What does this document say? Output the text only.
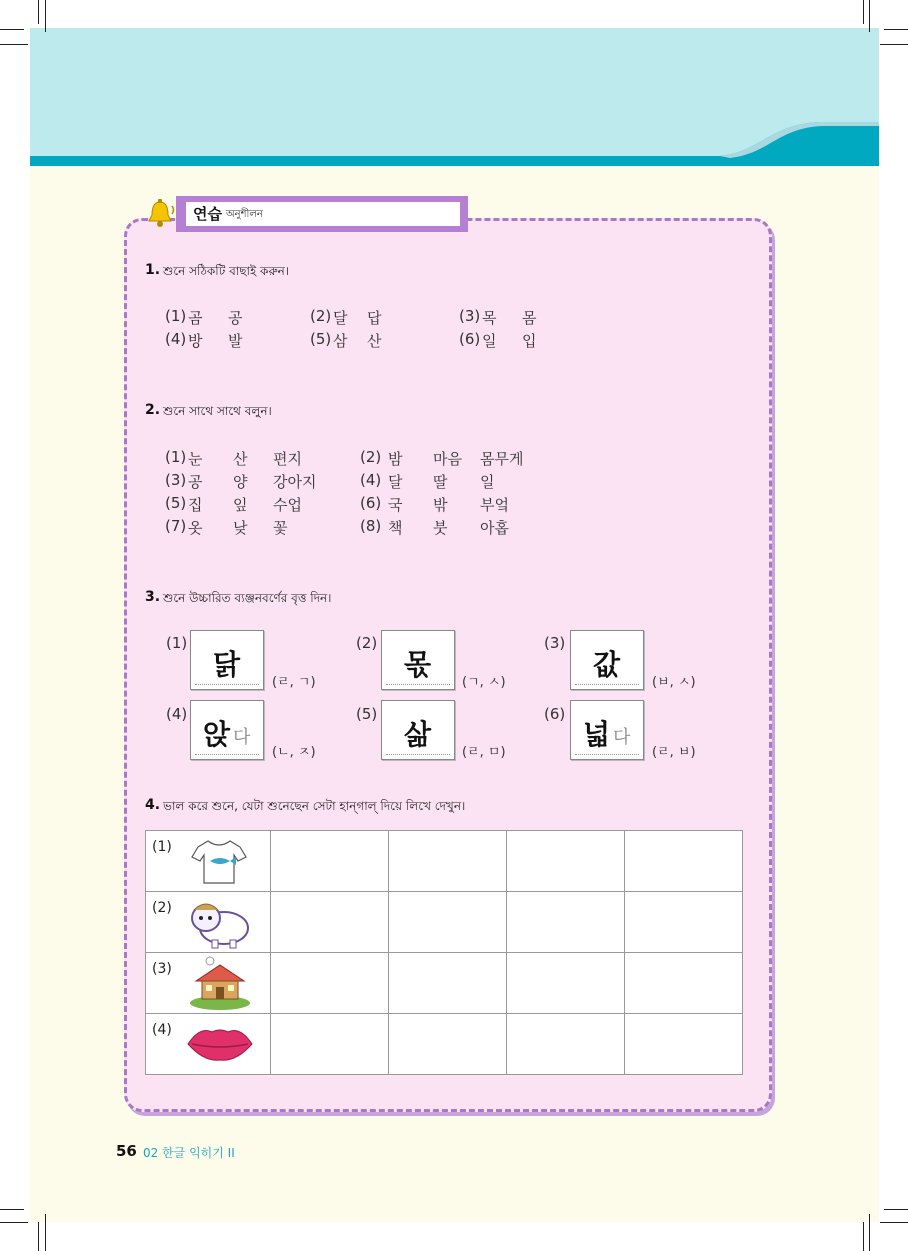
연습 অনুশীলন
1. শুনে সঠিকটি বাছাই করুন।
(1) 곰 공	(2) 달 답	(3) 목 몸
(4) 방 발	(5) 삼 산	(6) 일 입
2. শুনে সাথে সাথে বলুন।
(1) 눈 산 편지	(2) 밤 마음 몸무게
(3) 공 양 강아지	(4) 달 딸 일
(5) 집 잎 수업	(6) 국 밖 부엌
(7) 옷 낮 꽃	(8) 책 붓 아홉
3. শুনে উচ্চারিত ব্যঞ্জনবর্ণের বৃত্ত দিন।
(1)
닭
(ㄹ, ㄱ)
(2)
몫
(ㄱ, ㅅ)
(3)
값
(ㅂ, ㅅ)
(4)
앉 다
(ㄴ, ㅈ)
(5)
삶
(ㄹ, ㅁ)
(6)
넓 다
(ㄹ, ㅂ)
4. ভাল করে শুনে, যেটা শুনেছেন সেটা হান্গাল্ দিয়ে লিখে দেখুন।
(1)				

(2)				

(3)				

(4)				

56 02 한글 익히기 II
